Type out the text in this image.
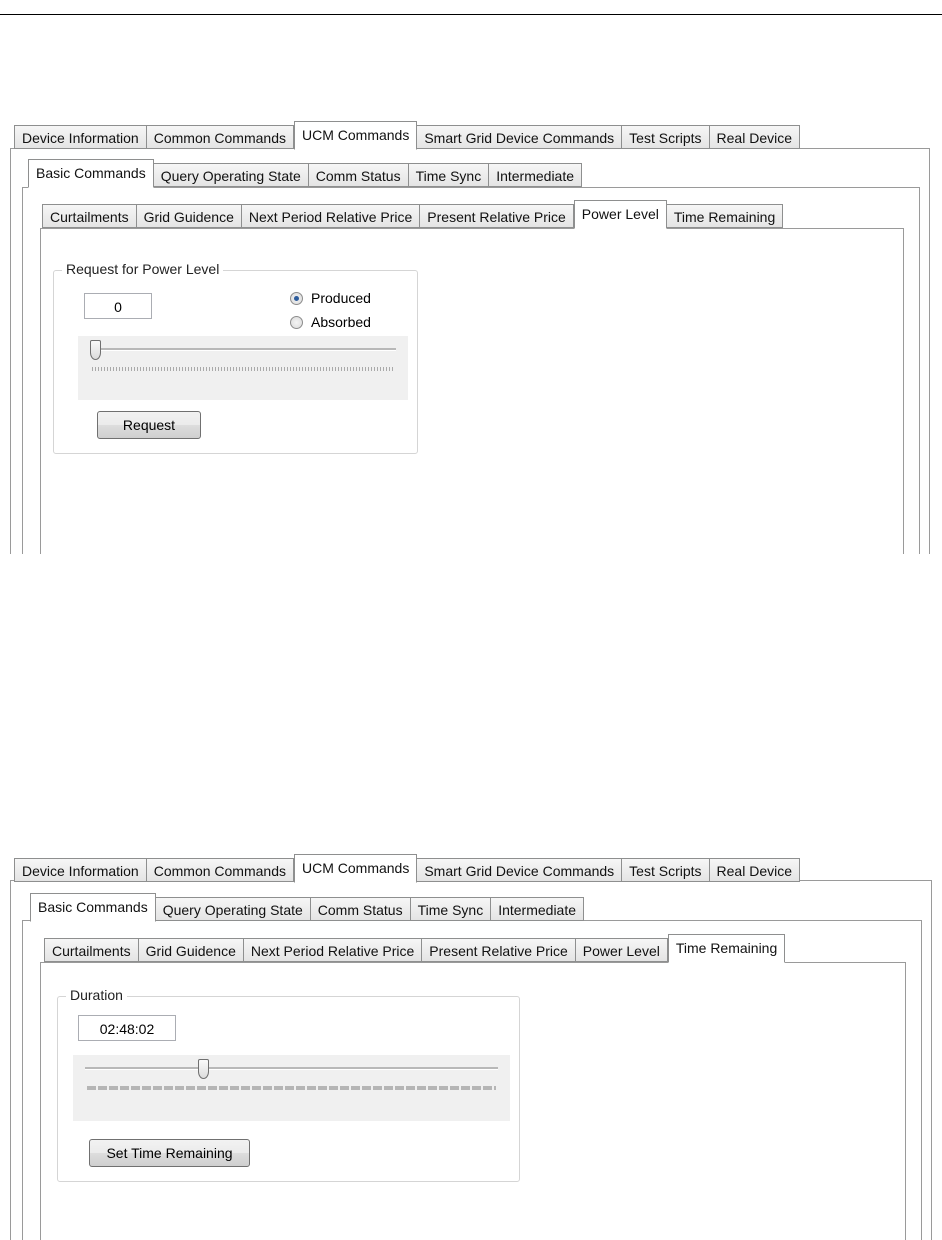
Device Information	Common Commands	UCM Commands	Smart Grid Device Commands	Test Scripts	Real Device
Basic Commands	Query Operating State	Comm Status	Time Sync	Intermediate
Curtailments	Grid Guidence	Next Period Relative Price	Present Relative Price	Power Level	Time Remaining
Request for Power Level
0
Produced
Absorbed
Request
Device Information	Common Commands	UCM Commands	Smart Grid Device Commands	Test Scripts	Real Device
Basic Commands	Query Operating State	Comm Status	Time Sync	Intermediate
Curtailments	Grid Guidence	Next Period Relative Price	Present Relative Price	Power Level	Time Remaining
Duration
02:48:02
Set Time Remaining
